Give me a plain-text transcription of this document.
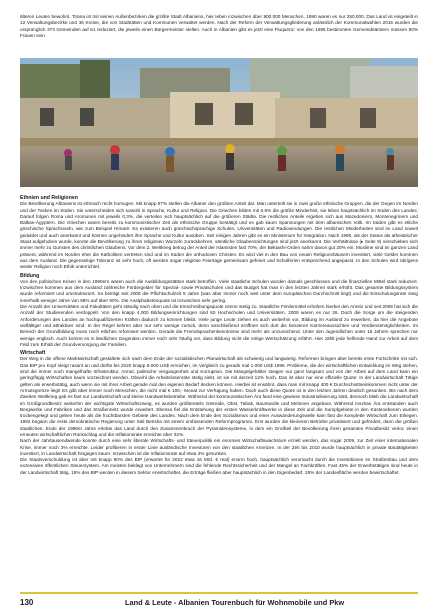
älteren Leuten bewohnt. Tirana ist mit seinen Außenbezirken die größte Stadt Albaniens, hier leben inzwischen über 900.000 Menschen, 1990 waren es nur 250.000. Das Land ist eingeteilt in 12 Verwaltungsbezirke und 36 Kreise, die von Stadträtten und Kommunen verwaltet werden. Nach der Reform der Verwaltungsgliederung anlässlich der Kommunalwahlen 2015 wurden die ursprünglich 373 Gemeinden auf 61 reduziert, die jeweils einen Bürgermeister stellen. Auch in Albanien gibt es jetzt eine Fluquenz: von den 1595 bestimmten Gemeindeämtern müssen 50% Frauen sein.

Ethnien und Religionen

Die Bevölkerung Albaniens ist ethnisch recht homogen. Mit knapp 97% stellen die Albaner den größten Anteil dar. Man unterteilt sie in zwei große ethnische Gruppen, die der Gegen im Norden und der Tosken im Süden. Sie unterscheiden sich sowohl in Sprache, Kultur und Religion. Die Griechen bilden mit 0,9% die größte Minderheit, sie leben hauptsächlich im Süden des Landes. Darauf folgen Roma und Aromunen mit jeweils 0,3%, die verteilen sich hauptsächlich auf die größeren Städte. Die restlichen Anteile ergeben sich aus Mazedoniern, Montenegrinern und Balkan-Ägyptern. Die Griechen waren bereits zu kommunistischer Zeit als ethnische Gruppe bestätigt und es gab kaum Spannungen mit dem albanischen Volk. Im Süden gibt es etliche griechische Sprachinseln, wie zum Beispiel Himarë. Es existieren auch griechischsprachige Schulen, Universitäten und Radiosendungen. Die restlichen Minderheiten sind im Land soweit geduldet und auch anerkannt und können ungehindert ihre Sprache und Kultur ausüben. Seit einigen Jahren gibt es ein Ministerium für Integration. Nach 1990, als der Status als atheistischer Staat aufgehoben wurde, konnte die Bevölkerung zu ihren religiösen Wurzeln zurückkehren, sämtliche Glaubensrichtungen sind jetzt anerkannt. Die Verhältnisse (▸ Seite 9) verschieben sich immer mehr zu Gunsten des christlichen Glaubens. Vor dem 2. Weltkrieg betrug der Anteil der Islamisten fast 70%, der Bektashi-Orden nahm davon gut 20% ein. Muslime sind im ganzen Land präsent, während im Norden eher die Katholiken vertreten sind und im Süden die orthodoxen Christen. Es wird viel in den Bau von neuen Religionshäusern investiert, viele Gelder kommen aus dem Ausland. Die gegenseitige Toleranz ist sehr hoch, oft werden sogar religiöse Feiertage gemeinsam gefeiert und Schulferien entsprechend angepasst. In den Schulen wird übrigens weder Religion noch Ethik unterrichtet.

Bildung

Von den politischen Krisen in den 1990ern waren auch die Ausbildungsstätten stark betroffen. Viele staatliche Schulen wurden damals geschlossen und die finanziellen Mittel stark reduziert. Inzwischen kommen aus dem Ausland zahlreiche Fördergelder für Spezial- sowie Privatschulen und das Budget hat man in den letzten Jahren stark erhöht. Das gesamte Bildungssystem wurde reformiert und umstrukturiert. So beträgt seit 2008 die Pflichtschulzeit 9 Jahre (was aber immer noch weit unter dem europäischen Durchschnitt liegt) und die Einschulungsrate steig innerhalb weniger Jahre von 68% auf über 90%. Die Analphabetenquote ist inzwischen sehr gering.

Die Anzahl der Universitäten und Fakultäten geht ständig nach oben und die Einschreibungsquote nimmt stetig zu. Staatliche Fördermittel erhöhen hierbei den Anreiz und seit 2009 hat sich die Anzahl der Studierenden verdoppelt. Von den knapp 4.000 Bildungseinrichtungen sind 60 Hochschulen und Universitäten. 2009 waren es nur 26. Doch die Sorge um die steigenden Anforderungen des Landes an hochqualifizierten Kräften dadurch zu können bleibt. Viele junge Leute ziehen es auch weiterhin vor, Bildung im Ausland zu erwerben, da hier die Angebote vielfältiger und attraktiver sind. In der Regel kehren aber nur sehr wenige zurück, denn anschließend eröffnen sich dort die besseren Karriereaussichten und Verdienstmöglichkeiten. Im Bereich der Grundbildung muss noch etliches reformiert werden. Gerade die Fremdsprachenkenntnisse sind mehr als unzureichend. Unter den Jugendlichen unter 15 Jahren sprechen nur wenige englisch. Auch kommt es in ländlichen Gegenden immer noch sehr häufig vor, dass Bildung nicht die nötige Wertschätzung erfährt. Hier zählt jede helfende Hand zur Arbeit auf dem Feld zum Erhalt der Grundversorgung der Familien.

Wirtschaft

Der Weg in die offene Marktwirtschaft gestaltete sich nach dem Ende der sozialistischen Planwirtschaft als schwierig und langwierig. Reformen bringen aber bereits erste Fortschritte mit sich. Das BIP pro Kopf steigt rasant an und dürfte bis 2020 knapp 8.000 US$ erreichen, im Vergleich zu gerade mal 1.000 US$ 1996. Probleme, die der wirtschaftlichen Entwicklung im Weg stehen, sind die immer noch mangelhafte Infrastruktur, Armut, politische Vergangenheit und Korruption. Die Mangelgehälter steigen nur ganz langsam und von der Arbeit auf dem Land kann ein gering/fügig Wirtschaften kaum vorzeichnet werden. Obwohl die Arbeitslosenrate stetig sinkt, ist sie mit derzeit 12% hoch. Das ist aber nur eine offizielle Quote: In der Landwirtschaft Tätige gelten als erwerbstätig, auch wenn sie mit ihrer Arbeit gerade mal den eigenen Bedarf decken können. Hierbei ist erwähnt, dass man mit knapp 400 € Durchschnittseinkommen nicht unter der Armutsgrenze liegt! Es gibt aber immer noch Menschen, die nicht mal € 100,- Monat zur Verfügung haben. Doch auch diese Quote ist in den letzten Jahren deutlich gesunken. Bis nach dem Zweiten Weltkrieg gab es fast nur Landwirtschaft und kleine Handwerksbetriebe. Während der kommunistischen Ära fand eine gewisse Industrialisierung statt, dennoch blieb die Landwirtschaft im Großgrundbesitz weiterhin der wichtigste Wirtschaftszweig, es wurden größtenteils Getreide, Obst, Tabak, Baumwolle und Melonen angebaut. Während Hoxhas Ära entstanden auch Bergwerke und Fabriken und das Straßennetz wurde erweitert. Ebenso fiel die Entstehung der ersten Wasserkraftwerke in diese Zeit und die Sumpfgebiete in den Küstenebenen wurden trockengelegt und geben heute als die fruchtbarsten Gebiete des Landes. Nach dem Ende des Sozialismus und einer Auswanderungswelle kam fast die komplette Wirtschaft zum Erliegen. 1992 begann die erste demokratische Regierung unter Sali Berisha mit einem umfassenden Reformprogramm. Erst wurden die kleineren Betriebe privatisiert und gefördert, dann die größen staatlichen. Ende der 1990er Jahre erlebte das Land durch den Zusammenbruch der Pyramidensysteme, in dem ein Großteil der Bevölkerung ihren gesamten Privatbesitz verlor, einen erneuten wirtschaftlichen Rückschlag und die Inflationsrate erreichte über 32%.

Nach der Jahrtausendwende konnte durch eine sehr liberale Wirtschafts- und Steuerpolitik ein enormes Wirtschaftswachstum erzielt werden, das sogar 2009, zur Zeit einer internationalen Krise, immer noch 3% erreichte. Leider profitieren in erster Linie ausländische Investoren von den staatlichen Anreizen. In der Zeit bis 2010 wurde hauptsächlich in private Bautätigkeiten investiert, in Landwirtschaft hingegen kaum. Inzwischen ist die Inflationsrate auf etwa 2% gesunken.

Die Staatsverschuldung ist aber mit knapp 80% des BIP (erwartet für 2022 etwa 16 Mrd. € real) enorm hoch, hauptsächlich verursacht durch die Investitionen im Straßenbau und dem exzessiven öffentlichen Steuersystem. Am meisten beklagt von Unternehmern sind die fehlende Rechtssicherheit und der Mangel an Fachkräften. Fast 45% der Erwerbstätigen sind heute in der Landwirtschaft tätig, 19% des BIP werden in diesem Sektor erwirtschaftet, die Erträge fließen aber hauptsächlich in den Eigenbedarf. 25% der Landesfläche werden bewirtschaftet.

130	Land & Leute - Albanien Tourenbuch für Wohnmobile und Pkw
